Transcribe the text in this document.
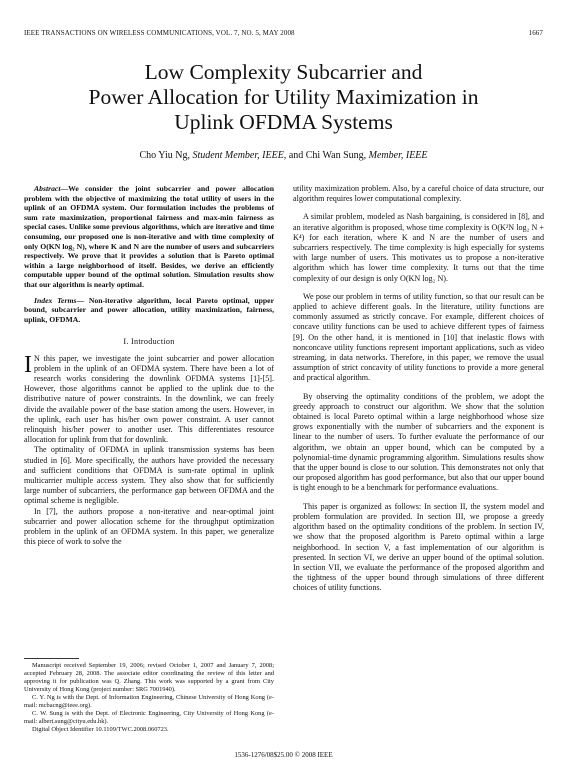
IEEE TRANSACTIONS ON WIRELESS COMMUNICATIONS, VOL. 7, NO. 5, MAY 2008	1667
Low Complexity Subcarrier and
Power Allocation for Utility Maximization in
Uplink OFDMA Systems
Cho Yiu Ng, Student Member, IEEE, and Chi Wan Sung, Member, IEEE

Abstract—We consider the joint subcarrier and power allocation problem with the objective of maximizing the total utility of users in the uplink of an OFDMA system. Our formulation includes the problems of sum rate maximization, proportional fairness and max-min fairness as special cases. Unlike some previous algorithms, which are iterative and time consuming, our proposed one is non-iterative and with time complexity of only O(KN log₂ N), where K and N are the number of users and subcarriers respectively. We prove that it provides a solution that is Pareto optimal within a large neighborhood of itself. Besides, we derive an efficiently computable upper bound of the optimal solution. Simulation results show that our algorithm is nearly optimal.

Index Terms— Non-iterative algorithm, local Pareto optimal, upper bound, subcarrier and power allocation, utility maximization, fairness, uplink, OFDMA.

I. Introduction

I N this paper, we investigate the joint subcarrier and power allocation problem in the uplink of an OFDMA system. There have been a lot of research works considering the downlink OFDMA systems [1]-[5]. However, those algorithms cannot be applied to the uplink due to the distributive nature of power constraints. In the downlink, we can freely divide the available power of the base station among the users. However, in the uplink, each user has his/her own power constraint. A user cannot relinquish his/her power to another user. This differentiates resource allocation for uplink from that for downlink.

The optimality of OFDMA in uplink transmission systems has been studied in [6]. More specifically, the authors have provided the necessary and sufficient conditions that OFDMA is sum-rate optimal in uplink multicarrier multiple access system. They also show that for sufficiently large number of subcarriers, the performance gap between OFDMA and the optimal scheme is negligible.

In [7], the authors propose a non-iterative and near-optimal joint subcarrier and power allocation scheme for the throughput optimization problem in the uplink of an OFDMA system. In this paper, we generalize this piece of work to solve the

utility maximization problem. Also, by a careful choice of data structure, our algorithm requires lower computational complexity.

A similar problem, modeled as Nash bargaining, is considered in [8], and an iterative algorithm is proposed, whose time complexity is O(K²N log₂ N + K⁴) for each iteration, where K and N are the number of users and subcarriers respectively. The time complexity is high especially for systems with large number of users. This motivates us to propose a non-iterative algorithm which has lower time complexity. It turns out that the time complexity of our design is only O(KN log₂ N).

We pose our problem in terms of utility function, so that our result can be applied to achieve different goals. In the literature, utility functions are commonly assumed as strictly concave. For example, different choices of concave utility functions can be used to achieve different types of fairness [9]. On the other hand, it is mentioned in [10] that inelastic flows with nonconcave utility functions represent important applications, such as video streaming, in data networks. Therefore, in this paper, we remove the usual assumption of strict concavity of utility functions to provide a more general and practical algorithm.

By observing the optimality conditions of the problem, we adopt the greedy approach to construct our algorithm. We show that the solution obtained is local Pareto optimal within a large neighborhood whose size grows exponentially with the number of subcarriers and the exponent is linear to the number of users. To further evaluate the performance of our algorithm, we obtain an upper bound, which can be computed by a polynomial-time dynamic programming algorithm. Simulations results show that the upper bound is close to our solution. This demonstrates not only that our proposed algorithm has good performance, but also that our upper bound is tight enough to be a benchmark for performance evaluations.

This paper is organized as follows: In section II, the system model and problem formulation are provided. In section III, we propose a greedy algorithm based on the optimality conditions of the problem. In section IV, we show that the proposed algorithm is Pareto optimal within a large neighborhood. In section V, a fast implementation of our algorithm is presented. In section VI, we derive an upper bound of the optimal solution. In section VII, we evaluate the performance of the proposed algorithm and the tightness of the upper bound through simulations of three different choices of utility functions.

Manuscript received September 19, 2006; revised October 1, 2007 and January 7, 2008; accepted February 28, 2008. The associate editor coordinating the review of this letter and approving it for publication was Q. Zhang. This work was supported by a grant from City University of Hong Kong (project number: SRG 7001940).

C. Y. Ng is with the Dept. of Information Engineering, Chinese University of Hong Kong (e-mail: mcbacng@ieee.org).

C. W. Sung is with the Dept. of Electronic Engineering, City University of Hong Kong (e-mail: albert.sung@cityu.edu.hk).

Digital Object Identifier 10.1109/TWC.2008.060723.

1536-1276/08$25.00 © 2008 IEEE
